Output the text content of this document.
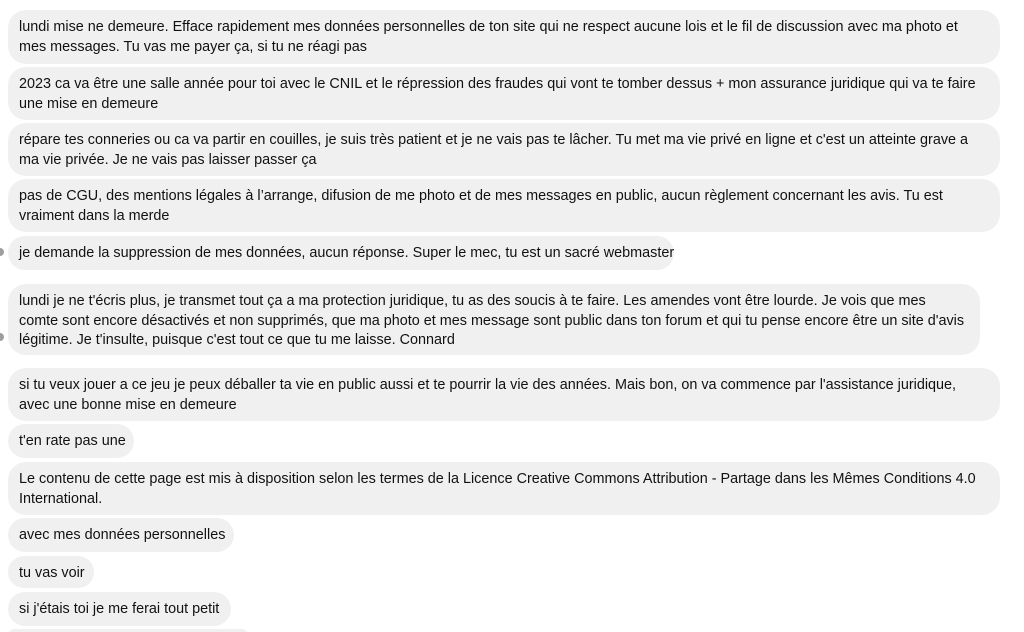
lundi mise ne demeure. Efface rapidement mes données personnelles de ton site qui ne respect aucune lois et le fil de discussion avec ma photo et mes messages. Tu vas me payer ça, si tu ne réagi pas
2023 ca va être une salle année pour toi avec le CNIL et le répression des fraudes qui vont te tomber dessus + mon assurance juridique qui va te faire une mise en demeure
répare tes conneries ou ca va partir en couilles, je suis très patient et je ne vais pas te lâcher. Tu met ma vie privé en ligne et c'est un atteinte grave a ma vie privée. Je ne vais pas laisser passer ça
pas de CGU, des mentions légales à l’arrange, difusion de me photo et de mes messages en public, aucun règlement concernant les avis. Tu est vraiment dans la merde
je demande la suppression de mes données, aucun réponse. Super le mec, tu est un sacré webmaster
lundi je ne t'écris plus, je transmet tout ça a ma protection juridique, tu as des soucis à te faire. Les amendes vont être lourde. Je vois que mes comte sont encore désactivés et non supprimés, que ma photo et mes message sont public dans ton forum et qui tu pense encore être un site d'avis légitime. Je t'insulte, puisque c'est tout ce que tu me laisse. Connard
si tu veux jouer a ce jeu je peux déballer ta vie en public aussi et te pourrir la vie des années. Mais bon, on va commence par l'assistance juridique, avec une bonne mise en demeure
t'en rate pas une
Le contenu de cette page est mis à disposition selon les termes de la Licence Creative Commons Attribution - Partage dans les Mêmes Conditions 4.0 International.
avec mes données personnelles
tu vas voir
si j'étais toi je me ferai tout petit
